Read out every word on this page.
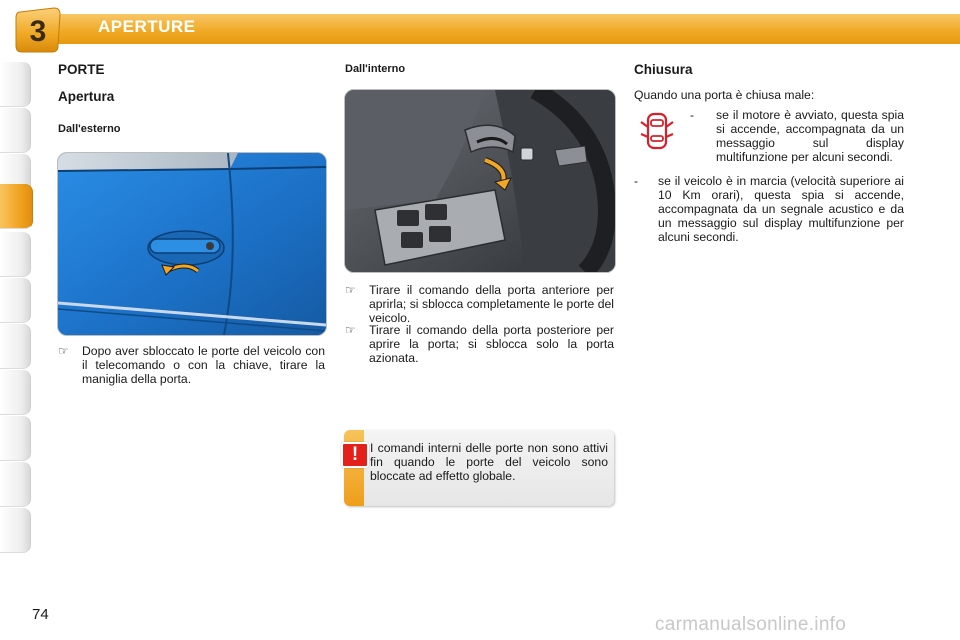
3	APERTURE
PORTE
Apertura
Dall'esterno
☞	Dopo aver sbloccato le porte del veicolo con il telecomando o con la chiave, tirare la maniglia della porta.
Dall'interno
☞	Tirare il comando della porta anteriore per aprirla; si sblocca completamente le porte del veicolo.
☞	Tirare il comando della porta posteriore per aprire la porta; si sblocca solo la porta azionata.
! I comandi interni delle porte non sono attivi fin quando le porte del veicolo sono bloccate ad effetto globale.
Chiusura
Quando una porta è chiusa male:
-	se il motore è avviato, questa spia si accende, accompagnata da un messaggio sul display multifunzione per alcuni secondi.
-	se il veicolo è in marcia (velocità superiore ai 10 Km orari), questa spia si accende, accompagnata da un segnale acustico e da un messaggio sul display multifunzione per alcuni secondi.
74	carmanualsonline.info
